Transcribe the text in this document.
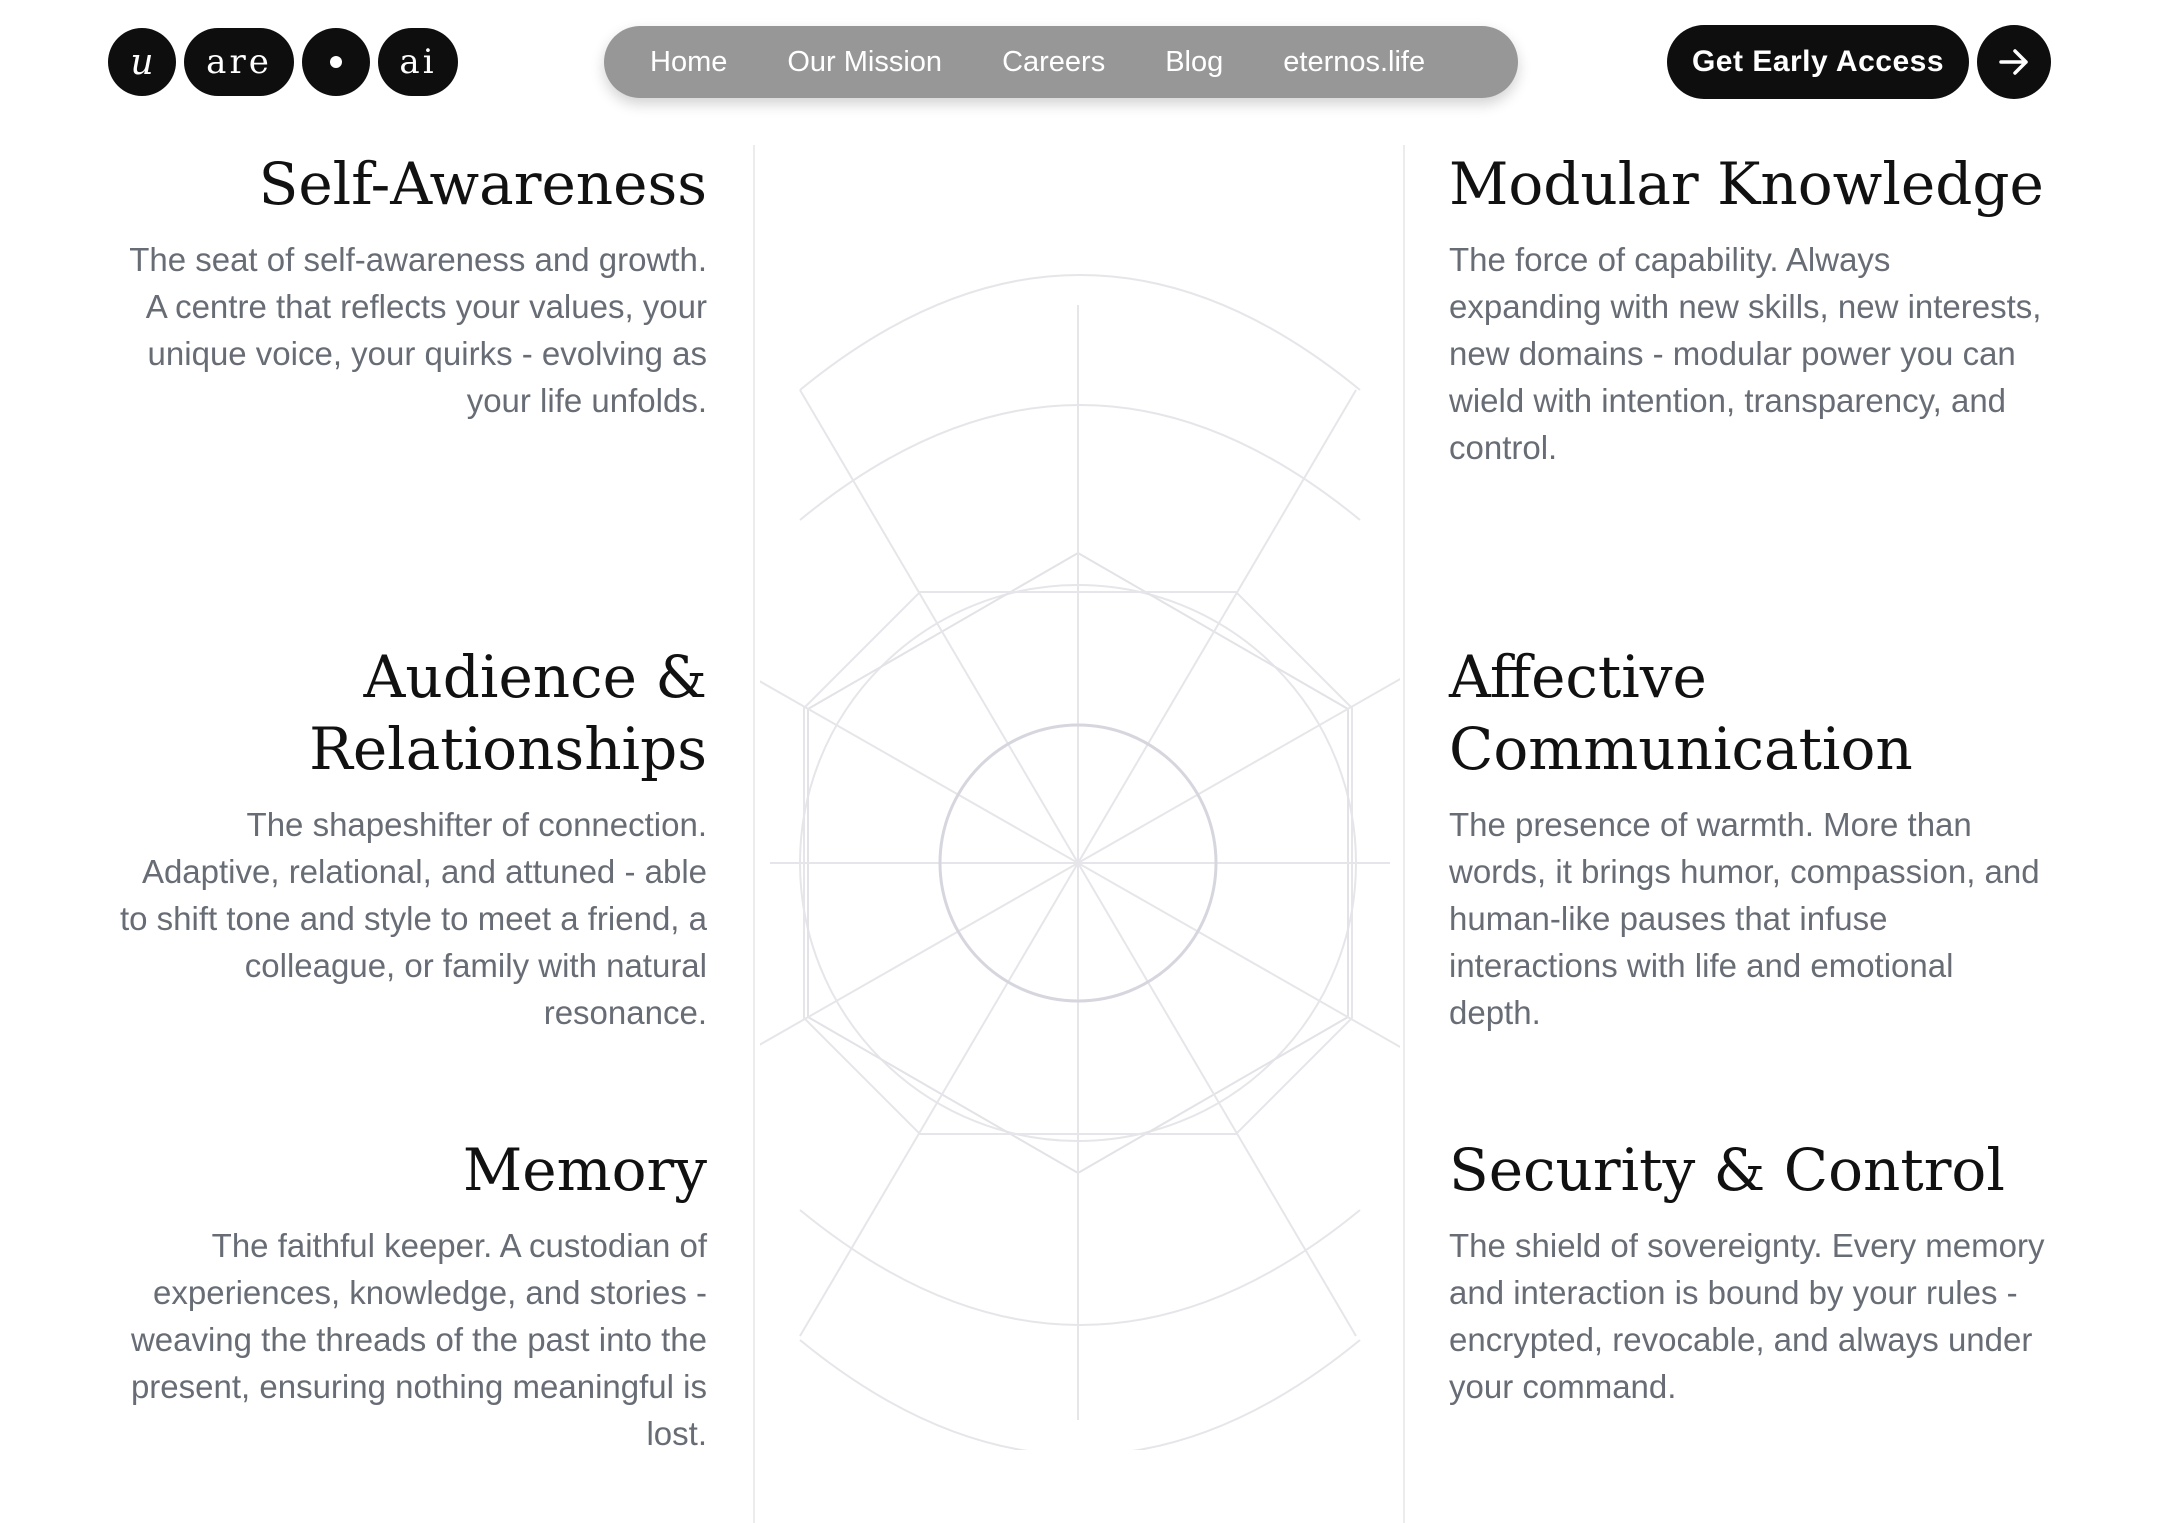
u	are	ai	Home Our Mission Careers Blog eternos.life	Get Early Access
Self-Awareness

The seat of self-awareness and growth. A centre that reflects your values, your unique voice, your quirks - evolving as your life unfolds.

Audience & Relationships

The shapeshifter of connection. Adaptive, relational, and attuned - able to shift tone and style to meet a friend, a colleague, or family with natural resonance.

Memory

The faithful keeper. A custodian of experiences, knowledge, and stories - weaving the threads of the past into the present, ensuring nothing meaningful is lost.

Modular Knowledge

The force of capability. Always expanding with new skills, new interests, new domains - modular power you can wield with intention, transparency, and control.

Affective Communication

The presence of warmth. More than words, it brings humor, compassion, and human-like pauses that infuse interactions with life and emotional depth.

Security & Control

The shield of sovereignty. Every memory and interaction is bound by your rules - encrypted, revocable, and always under your command.
